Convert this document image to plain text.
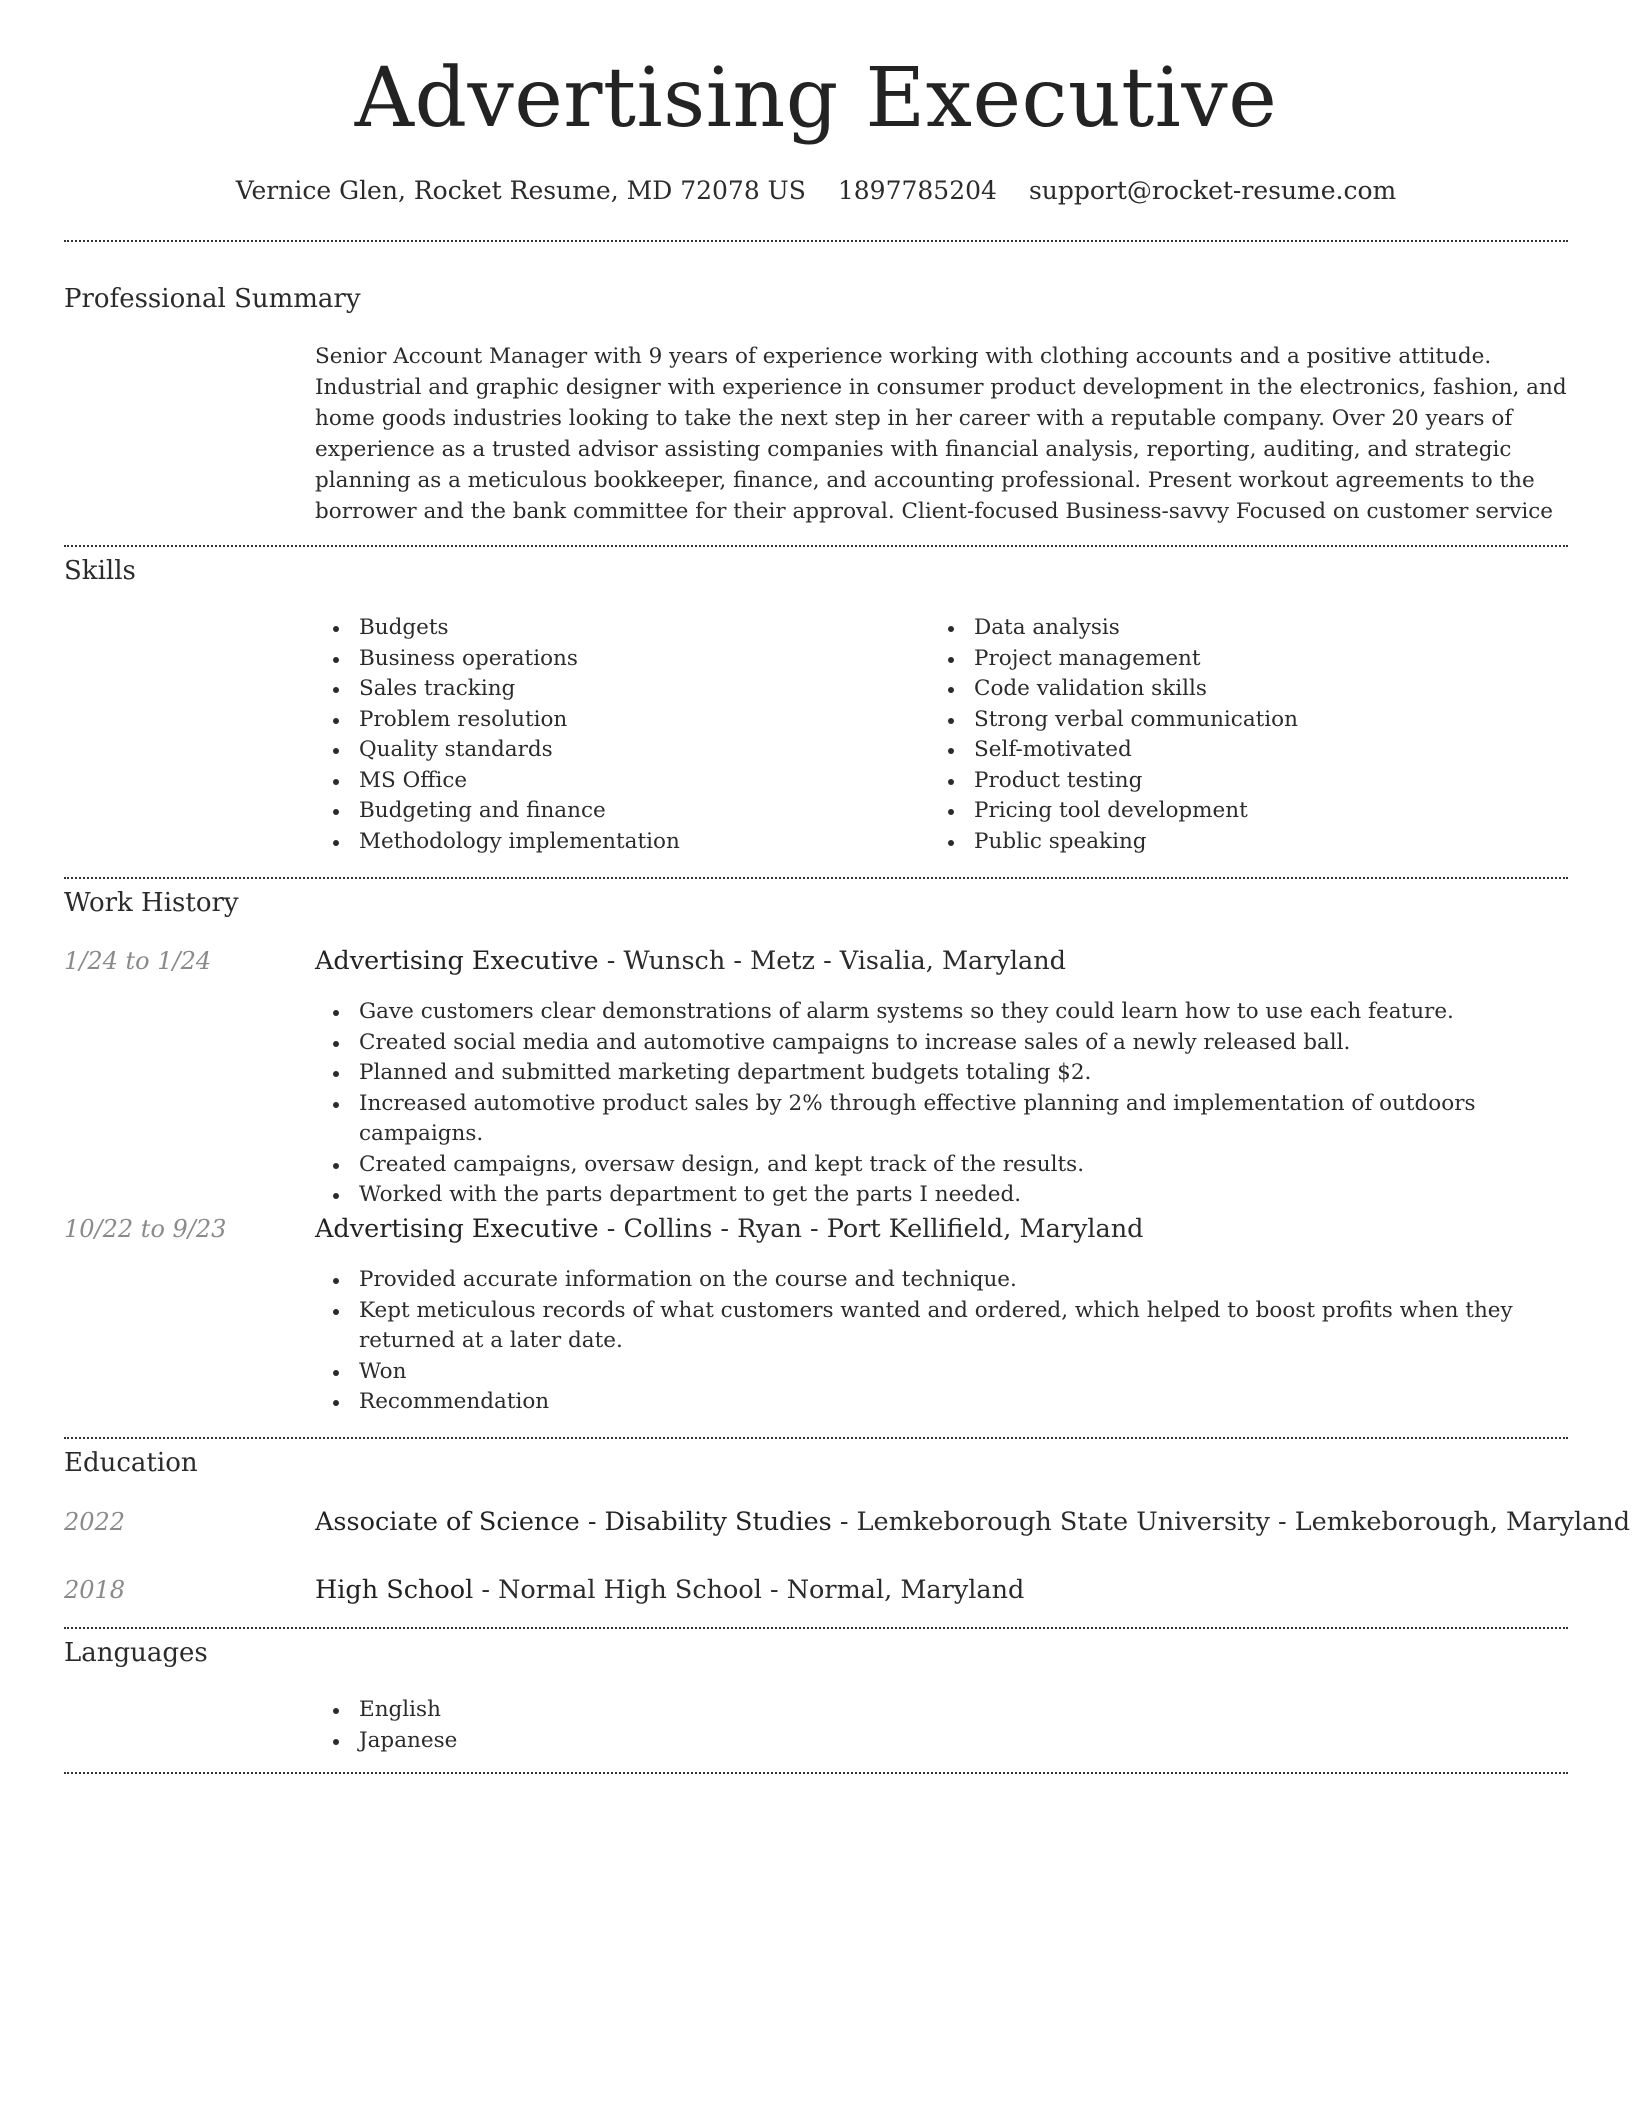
Advertising Executive
Vernice Glen, Rocket Resume, MD 72078 US 1897785204 support@rocket-resume.com
Professional Summary

Senior Account Manager with 9 years of experience working with clothing accounts and a positive attitude. Industrial and graphic designer with experience in consumer product development in the electronics, fashion, and home goods industries looking to take the next step in her career with a reputable company. Over 20 years of experience as a trusted advisor assisting companies with financial analysis, reporting, auditing, and strategic planning as a meticulous bookkeeper, finance, and accounting professional. Present workout agreements to the borrower and the bank committee for their approval. Client-focused Business-savvy Focused on customer service

Skills
Budgets
Business operations
Sales tracking
Problem resolution
Quality standards
MS Office
Budgeting and finance
Methodology implementation
Data analysis
Project management
Code validation skills
Strong verbal communication
Self-motivated
Product testing
Pricing tool development
Public speaking
Work History
1/24 to 1/24	Advertising Executive - Wunsch - Metz - Visalia, Maryland
Gave customers clear demonstrations of alarm systems so they could learn how to use each feature.
Created social media and automotive campaigns to increase sales of a newly released ball.
Planned and submitted marketing department budgets totaling $2.
Increased automotive product sales by 2% through effective planning and implementation of outdoors campaigns.
Created campaigns, oversaw design, and kept track of the results.
Worked with the parts department to get the parts I needed.
10/22 to 9/23	Advertising Executive - Collins - Ryan - Port Kellifield, Maryland
Provided accurate information on the course and technique.
Kept meticulous records of what customers wanted and ordered, which helped to boost profits when they returned at a later date.
Won
Recommendation
Education
2022	Associate of Science - Disability Studies - Lemkeborough State University - Lemkeborough, Maryland
2018	High School - Normal High School - Normal, Maryland
Languages
English
Japanese
